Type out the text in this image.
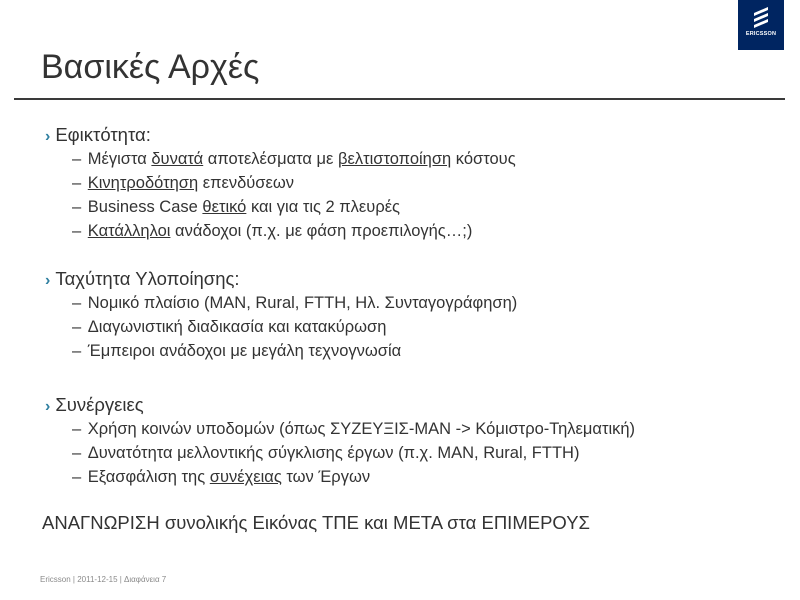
ERICSSON
Βασικές Αρχές
› Εφικτότητα:
– Μέγιστα δυνατά αποτελέσματα με βελτιστοποίηση κόστους
– Κινητροδότηση επενδύσεων
– Business Case θετικό και για τις 2 πλευρές
– Κατάλληλοι ανάδοχοι (π.χ. με φάση προεπιλογής…;)
› Ταχύτητα Υλοποίησης:
– Νομικό πλαίσιο (MAN, Rural, FTTH, Ηλ. Συνταγογράφηση)
– Διαγωνιστική διαδικασία και κατακύρωση
– Έμπειροι ανάδοχοι με μεγάλη τεχνογνωσία
› Συνέργειες
– Χρήση κοινών υποδομών (όπως ΣΥΖΕΥΞΙΣ-MAN -> Κόμιστρο-Τηλεματική)
– Δυνατότητα μελλοντικής σύγκλισης έργων (π.χ. MAN, Rural, FTTH)
– Εξασφάλιση της συνέχειας των Έργων
ΑΝΑΓΝΩΡΙΣΗ συνολικής Εικόνας ΤΠΕ και ΜΕΤΑ στα ΕΠΙΜΕΡΟΥΣ
Ericsson | 2011-12-15 | Διαφάνεια 7
